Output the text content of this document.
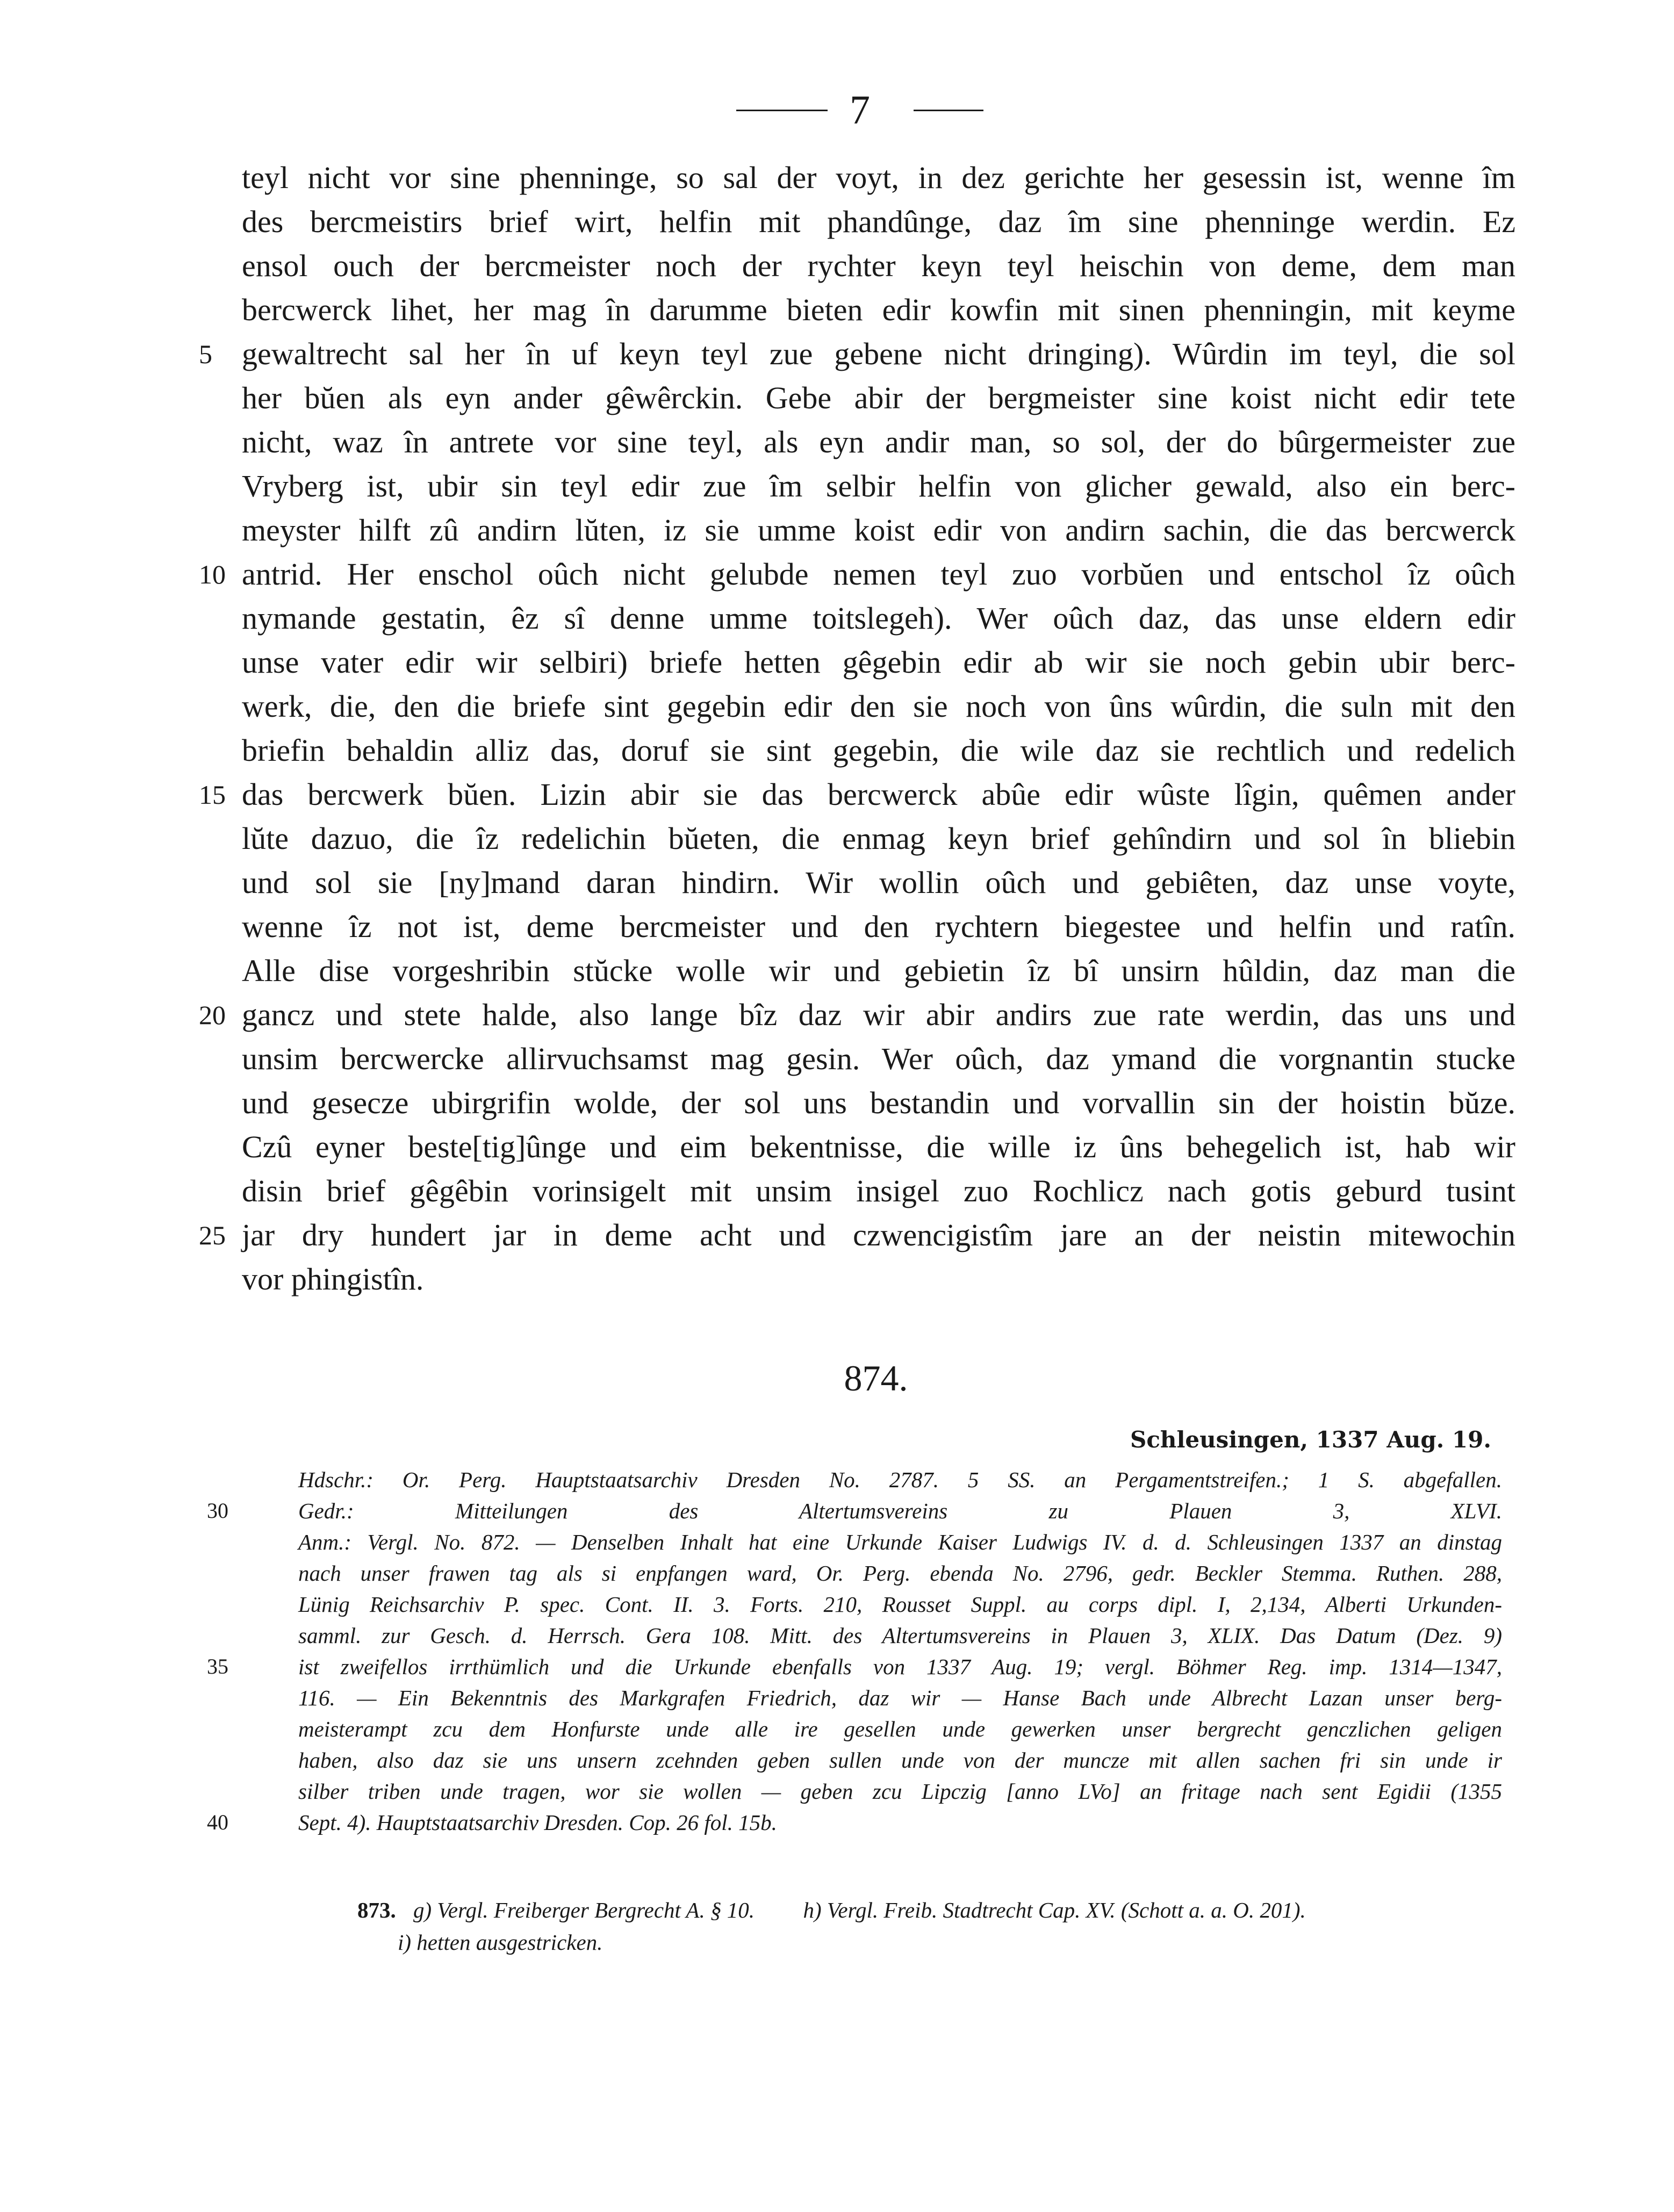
7
teyl nicht vor sine phenninge, so sal der voyt, in dez gerichte her gesessin ist, wenne îm
des bercmeistirs brief wirt, helfin mit phandûnge, daz îm sine phenninge werdin. Ez
ensol ouch der bercmeister noch der rychter keyn teyl heischin von deme, dem man
bercwerck lihet, her mag în darumme bieten edir kowfin mit sinen phenningin, mit keyme
5 gewaltrecht sal her în uf keyn teyl zue gebene nicht dringing). Wûrdin im teyl, die sol
her bŭen als eyn ander gêwêrckin. Gebe abir der bergmeister sine koist nicht edir tete
nicht, waz în antrete vor sine teyl, als eyn andir man, so sol, der do bûrgermeister zue
Vryberg ist, ubir sin teyl edir zue îm selbir helfin von glicher gewald, also ein berc-
meyster hilft zû andirn lŭten, iz sie umme koist edir von andirn sachin, die das bercwerck
10 antrid. Her enschol oûch nicht gelubde nemen teyl zuo vorbŭen und entschol îz oûch
nymande gestatin, êz sî denne umme toitslegeh). Wer oûch daz, das unse eldern edir
unse vater edir wir selbiri) briefe hetten gêgebin edir ab wir sie noch gebin ubir berc-
werk, die, den die briefe sint gegebin edir den sie noch von ûns wûrdin, die suln mit den
briefin behaldin alliz das, doruf sie sint gegebin, die wile daz sie rechtlich und redelich
15 das bercwerk bŭen. Lizin abir sie das bercwerck abûe edir wûste lîgin, quêmen ander
lŭte dazuo, die îz redelichin bŭeten, die enmag keyn brief gehîndirn und sol în bliebin
und sol sie [ny]mand daran hindirn. Wir wollin oûch und gebiêten, daz unse voyte,
wenne îz not ist, deme bercmeister und den rychtern biegestee und helfin und ratîn.
Alle dise vorgeshribin stŭcke wolle wir und gebietin îz bî unsirn hûldin, daz man die
20 gancz und stete halde, also lange bîz daz wir abir andirs zue rate werdin, das uns und
unsim bercwercke allirvuchsamst mag gesin. Wer oûch, daz ymand die vorgnantin stucke
und gesecze ubirgrifin wolde, der sol uns bestandin und vorvallin sin der hoistin bŭze.
Czû eyner beste[tig]ûnge und eim bekentnisse, die wille iz ûns behegelich ist, hab wir
disin brief gêgêbin vorinsigelt mit unsim insigel zuo Rochlicz nach gotis geburd tusint
25 jar dry hundert jar in deme acht und czwencigistîm jare an der neistin mitewochin
vor phingistîn.
874.
Schleusingen, 1337 Aug. 19.
Hdschr.: Or. Perg. Hauptstaatsarchiv Dresden No. 2787. 5 SS. an Pergamentstreifen.; 1 S. abgefallen.
30	Gedr.: Mitteilungen des Altertumsvereins zu Plauen 3, XLVI.
Anm.: Vergl. No. 872. — Denselben Inhalt hat eine Urkunde Kaiser Ludwigs IV. d. d. Schleusingen 1337 an dinstag
nach unser frawen tag als si enpfangen ward, Or. Perg. ebenda No. 2796, gedr. Beckler Stemma. Ruthen. 288,
Lünig Reichsarchiv P. spec. Cont. II. 3. Forts. 210, Rousset Suppl. au corps dipl. I, 2,134, Alberti Urkunden-
samml. zur Gesch. d. Herrsch. Gera 108. Mitt. des Altertumsvereins in Plauen 3, XLIX. Das Datum (Dez. 9)
35	ist zweifellos irrthümlich und die Urkunde ebenfalls von 1337 Aug. 19; vergl. Böhmer Reg. imp. 1314—1347,
116. — Ein Bekenntnis des Markgrafen Friedrich, daz wir — Hanse Bach unde Albrecht Lazan unser berg-
meisterampt zcu dem Honfurste unde alle ire gesellen unde gewerken unser bergrecht genczlichen geligen
haben, also daz sie uns unsern zcehnden geben sullen unde von der muncze mit allen sachen fri sin unde ir
silber triben unde tragen, wor sie wollen — geben zcu Lipczig [anno LVo] an fritage nach sent Egidii (1355
40	Sept. 4). Hauptstaatsarchiv Dresden. Cop. 26 fol. 15b.
873. g) Vergl. Freiberger Bergrecht A. § 10. h) Vergl. Freib. Stadtrecht Cap. XV. (Schott a. a. O. 201).
i) hetten ausgestricken.
